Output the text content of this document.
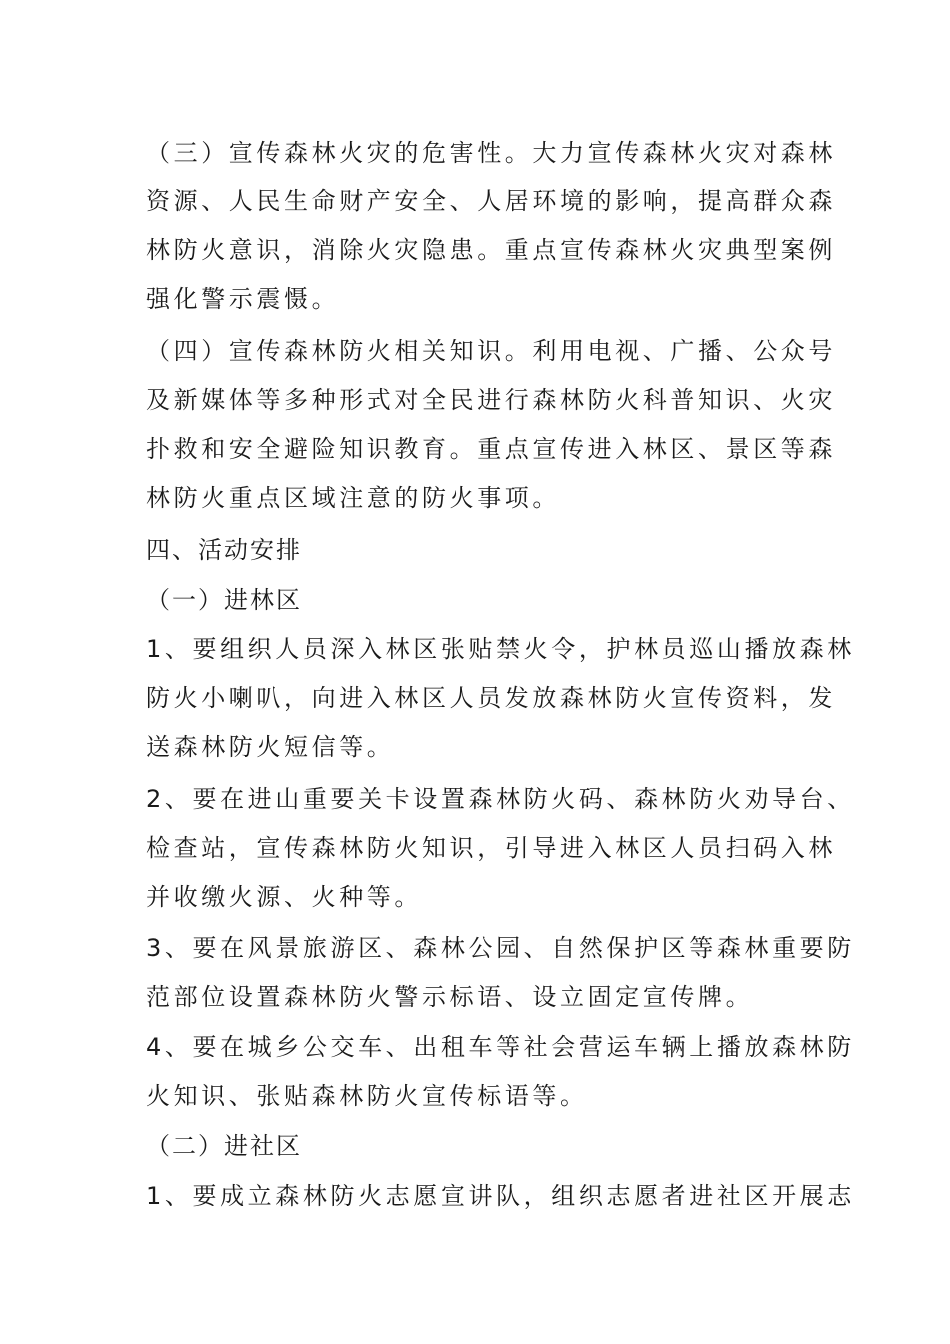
（三）宣传森林火灾的危害性。大力宣传森林火灾对森林
资源、人民生命财产安全、人居环境的影响，提高群众森
林防火意识，消除火灾隐患。重点宣传森林火灾典型案例
强化警示震慑。
（四）宣传森林防火相关知识。利用电视、广播、公众号
及新媒体等多种形式对全民进行森林防火科普知识、火灾
扑救和安全避险知识教育。重点宣传进入林区、景区等森
林防火重点区域注意的防火事项。
四、活动安排
（一）进林区
1、要组织人员深入林区张贴禁火令，护林员巡山播放森林
防火小喇叭，向进入林区人员发放森林防火宣传资料，发
送森林防火短信等。
2、要在进山重要关卡设置森林防火码、森林防火劝导台、
检查站，宣传森林防火知识，引导进入林区人员扫码入林
并收缴火源、火种等。
3、要在风景旅游区、森林公园、自然保护区等森林重要防
范部位设置森林防火警示标语、设立固定宣传牌。
4、要在城乡公交车、出租车等社会营运车辆上播放森林防
火知识、张贴森林防火宣传标语等。
（二）进社区
1、要成立森林防火志愿宣讲队，组织志愿者进社区开展志
